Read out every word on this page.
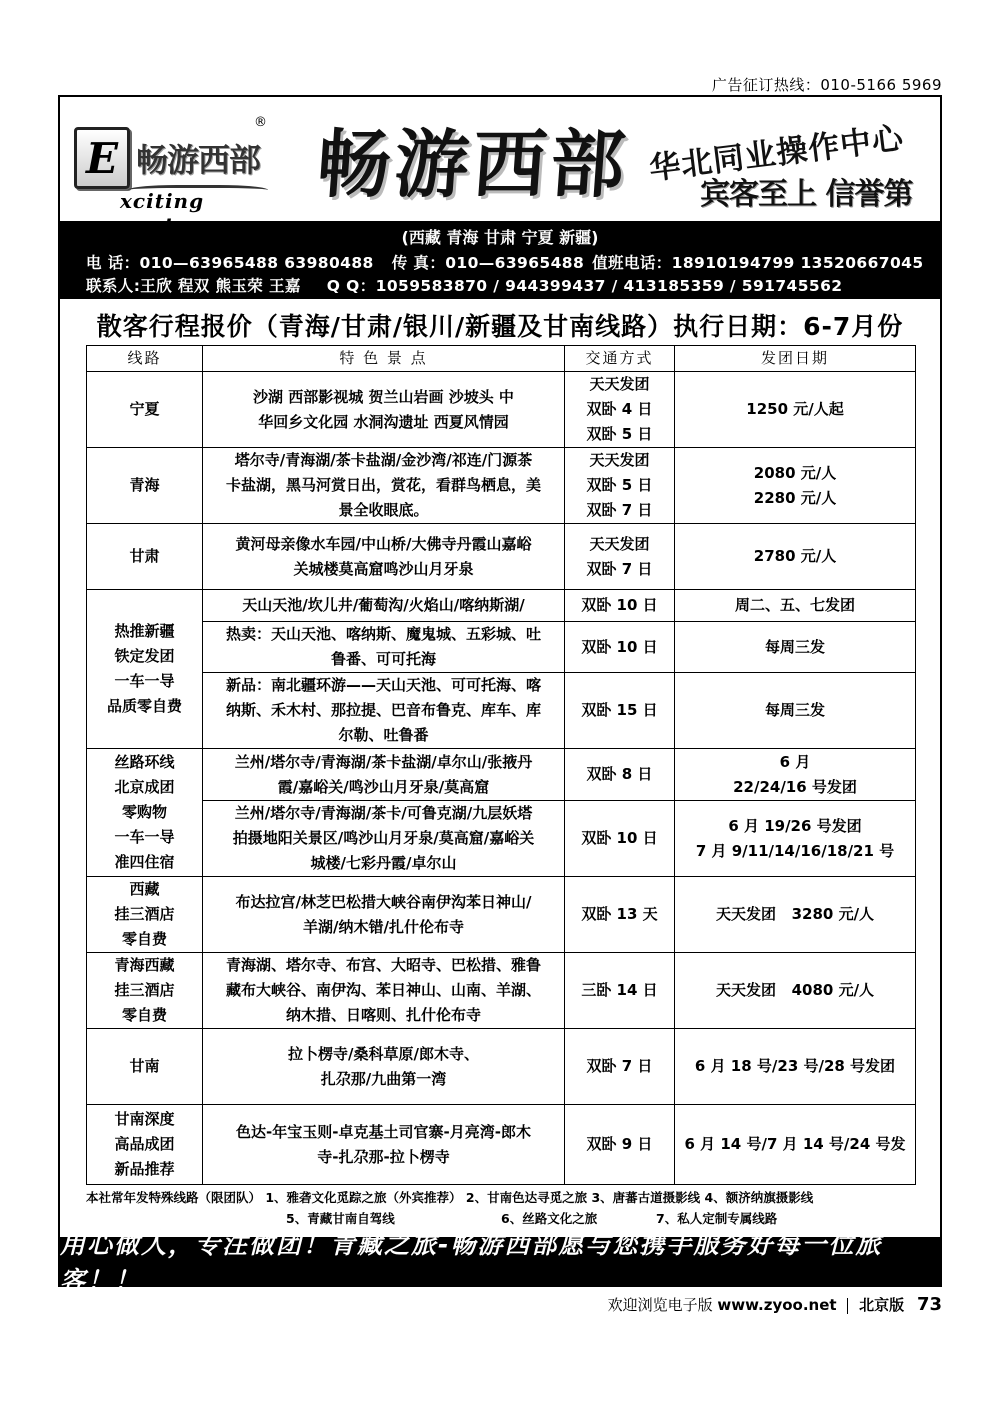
广告征订热线：010-5166 5969
E 畅游西部
®
xciting	畅游西部 华北同业操作中心
宾客至上 信誉第
(西藏 青海 甘肃 宁夏 新疆)
电 话：010—63965488 63980488 传 真：010—63965488 值班电话：18910194799 13520667045
联系人:王欣 程双 熊玉荣 王嘉 Q Q：1059583870 / 944399437 / 413185359 / 591745562
散客行程报价（青海/甘肃/银川/新疆及甘南线路）执行日期：6-7月份
线路	特 色 景 点	交通方式	发团日期
宁夏	沙湖 西部影视城 贺兰山岩画 沙坡头 中
华回乡文化园 水洞沟遗址 西夏风情园	天天发团
双卧 4 日
双卧 5 日	1250 元/人起
青海	塔尔寺/青海湖/茶卡盐湖/金沙湾/祁连/门源茶
卡盐湖，黑马河赏日出，赏花，看群鸟栖息，美
景全收眼底。	天天发团
双卧 5 日
双卧 7 日	2080 元/人
2280 元/人

甘肃	黄河母亲像水车园/中山桥/大佛寺丹霞山嘉峪
关城楼莫高窟鸣沙山月牙泉	天天发团
双卧 7 日	2780 元/人

热推新疆
铁定发团
一车一导
品质零自费	天山天池/坎儿井/葡萄沟/火焰山/喀纳斯湖/	双卧 10 日	周二、五、七发团

	热卖：天山天池、喀纳斯、魔鬼城、五彩城、吐
鲁番、可可托海	双卧 10 日	每周三发

	新品：南北疆环游——天山天池、可可托海、喀
纳斯、禾木村、那拉提、巴音布鲁克、库车、库
尔勒、吐鲁番	双卧 15 日	每周三发

丝路环线
北京成团
零购物
一车一导
准四住宿	兰州/塔尔寺/青海湖/茶卡盐湖/卓尔山/张掖丹
霞/嘉峪关/鸣沙山月牙泉/莫高窟	双卧 8 日	6 月
22/24/16 号发团

	兰州/塔尔寺/青海湖/茶卡/可鲁克湖/九层妖塔
拍摄地阳关景区/鸣沙山月牙泉/莫高窟/嘉峪关
城楼/七彩丹霞/卓尔山	双卧 10 日	6 月 19/26 号发团
7 月 9/11/14/16/18/21 号

西藏
挂三酒店
零自费	布达拉宫/林芝巴松措大峡谷南伊沟苯日神山/
羊湖/纳木错/扎什伦布寺	双卧 13 天	天天发团   3280 元/人

青海西藏
挂三酒店
零自费	青海湖、塔尔寺、布宫、大昭寺、巴松措、雅鲁
藏布大峡谷、南伊沟、苯日神山、山南、羊湖、
纳木措、日喀则、扎什伦布寺	三卧 14 日	天天发团   4080 元/人
甘南	拉卜楞寺/桑科草原/郎木寺、
扎尕那/九曲第一湾	双卧 7 日	6 月 18 号/23 号/28 号发团

甘南深度
高品成团
新品推荐	色达-年宝玉则-卓克基土司官寨-月亮湾-郎木
寺-扎尕那-拉卜楞寺	双卧 9 日	6 月 14 号/7 月 14 号/24 号发
本社常年发特殊线路（限团队） 1、雅砻文化觅踪之旅（外宾推荐） 2、甘南色达寻觅之旅 3、唐蕃古道摄影线 4、额济纳旗摄影线
5、青藏甘南自驾线	6、丝路文化之旅	7、私人定制专属线路
用心做人，专注做团！青藏之旅-畅游西部愿与您携手服务好每一位旅客！！
欢迎浏览电子版 www.zyoo.net 北京版 73
